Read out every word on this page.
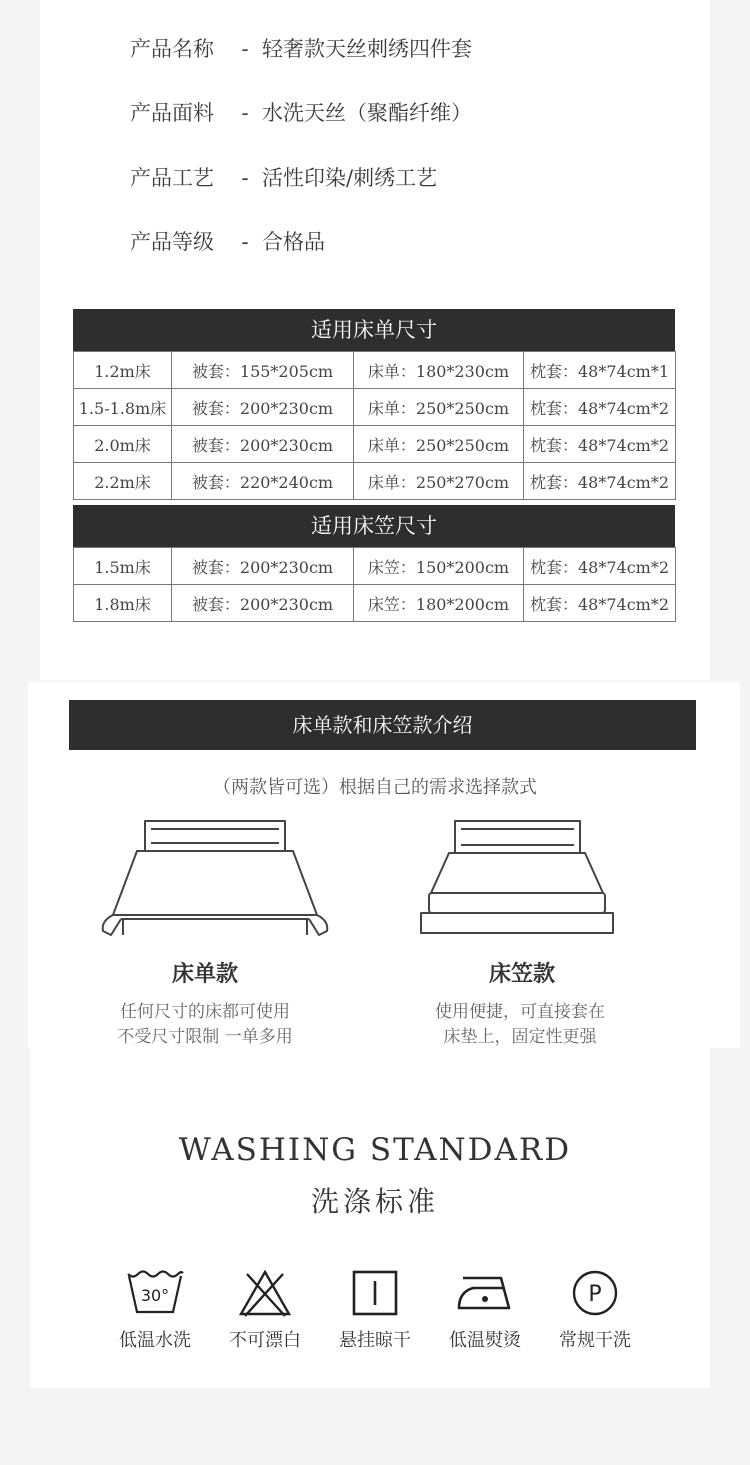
产品名称 - 轻奢款天丝刺绣四件套
产品面料 - 水洗天丝（聚酯纤维）
产品工艺 - 活性印染/刺绣工艺
产品等级 - 合格品
适用床单尺寸
1.2m床	被套：155*205cm	床单：180*230cm	枕套：48*74cm*1
1.5-1.8m床	被套：200*230cm	床单：250*250cm	枕套：48*74cm*2
2.0m床	被套：200*230cm	床单：250*250cm	枕套：48*74cm*2
2.2m床	被套：220*240cm	床单：250*270cm	枕套：48*74cm*2
适用床笠尺寸
1.5m床	被套：200*230cm	床笠：150*200cm	枕套：48*74cm*2
1.8m床	被套：200*230cm	床笠：180*200cm	枕套：48*74cm*2
床单款和床笠款介绍
（两款皆可选）根据自己的需求选择款式
床单款
任何尺寸的床都可使用
不受尺寸限制 一单多用
床笠款
使用便捷，可直接套在
床垫上，固定性更强
WASHING STANDARD
洗涤标准
30°
低温水洗	不可漂白	悬挂晾干	低温熨烫
P
常规干洗
